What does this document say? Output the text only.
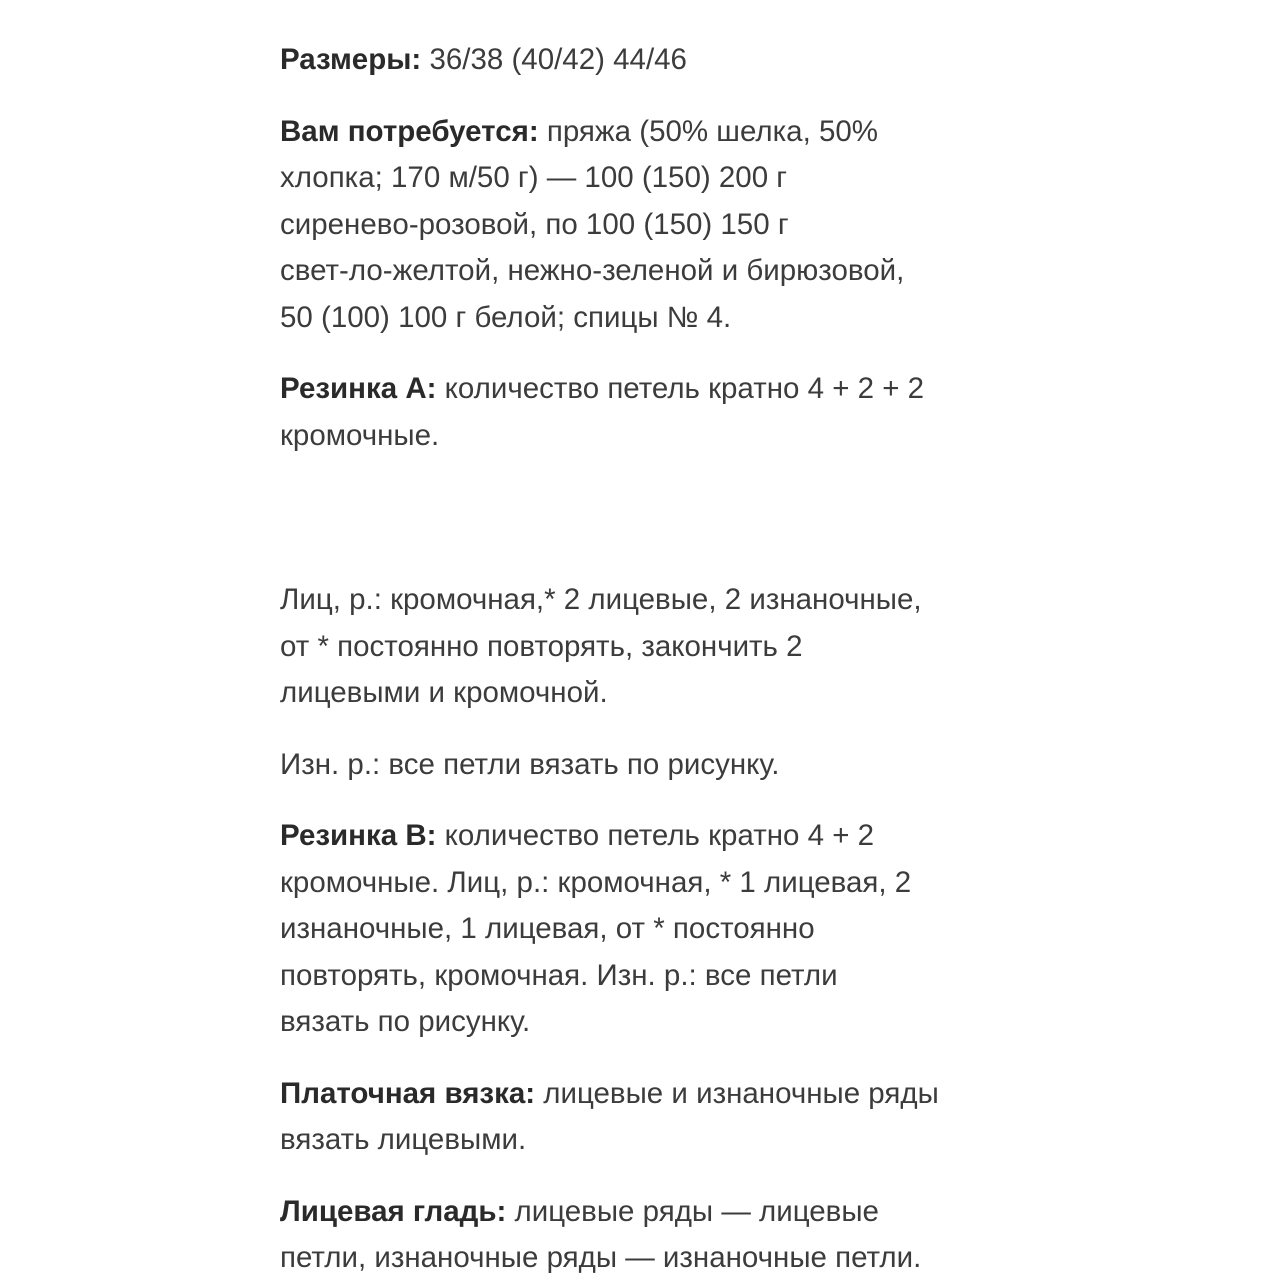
Размеры: 36/38 (40/42) 44/46

Вам потребуется: пряжа (50% шелка, 50%
хлопка; 170 м/50 г) — 100 (150) 200 г
сиреневo-розовой, по 100 (150) 150 г
свет-ло-желтой, нежно-зеленой и бирюзовой,
50 (100) 100 г белой; спицы № 4.

Резинка А: количество петель кратно 4 + 2 + 2
кромочные.

Лиц, р.: кромочная,* 2 лицевые, 2 изнаночные,
от * постоянно повторять, закончить 2
лицевыми и кромочной.

Изн. р.: все петли вязать по рисунку.

Резинка В: количество петель кратно 4 + 2
кромочные. Лиц, р.: кромочная, * 1 лицевая, 2
изнаночные, 1 лицевая, от * постоянно
повторять, кромочная. Изн. р.: все петли
вязать по рисунку.

Платочная вязка: лицевые и изнаночные ряды
вязать лицевыми.

Лицевая гладь: лицевые ряды — лицевые
петли, изнаночные ряды — изнаночные петли.
